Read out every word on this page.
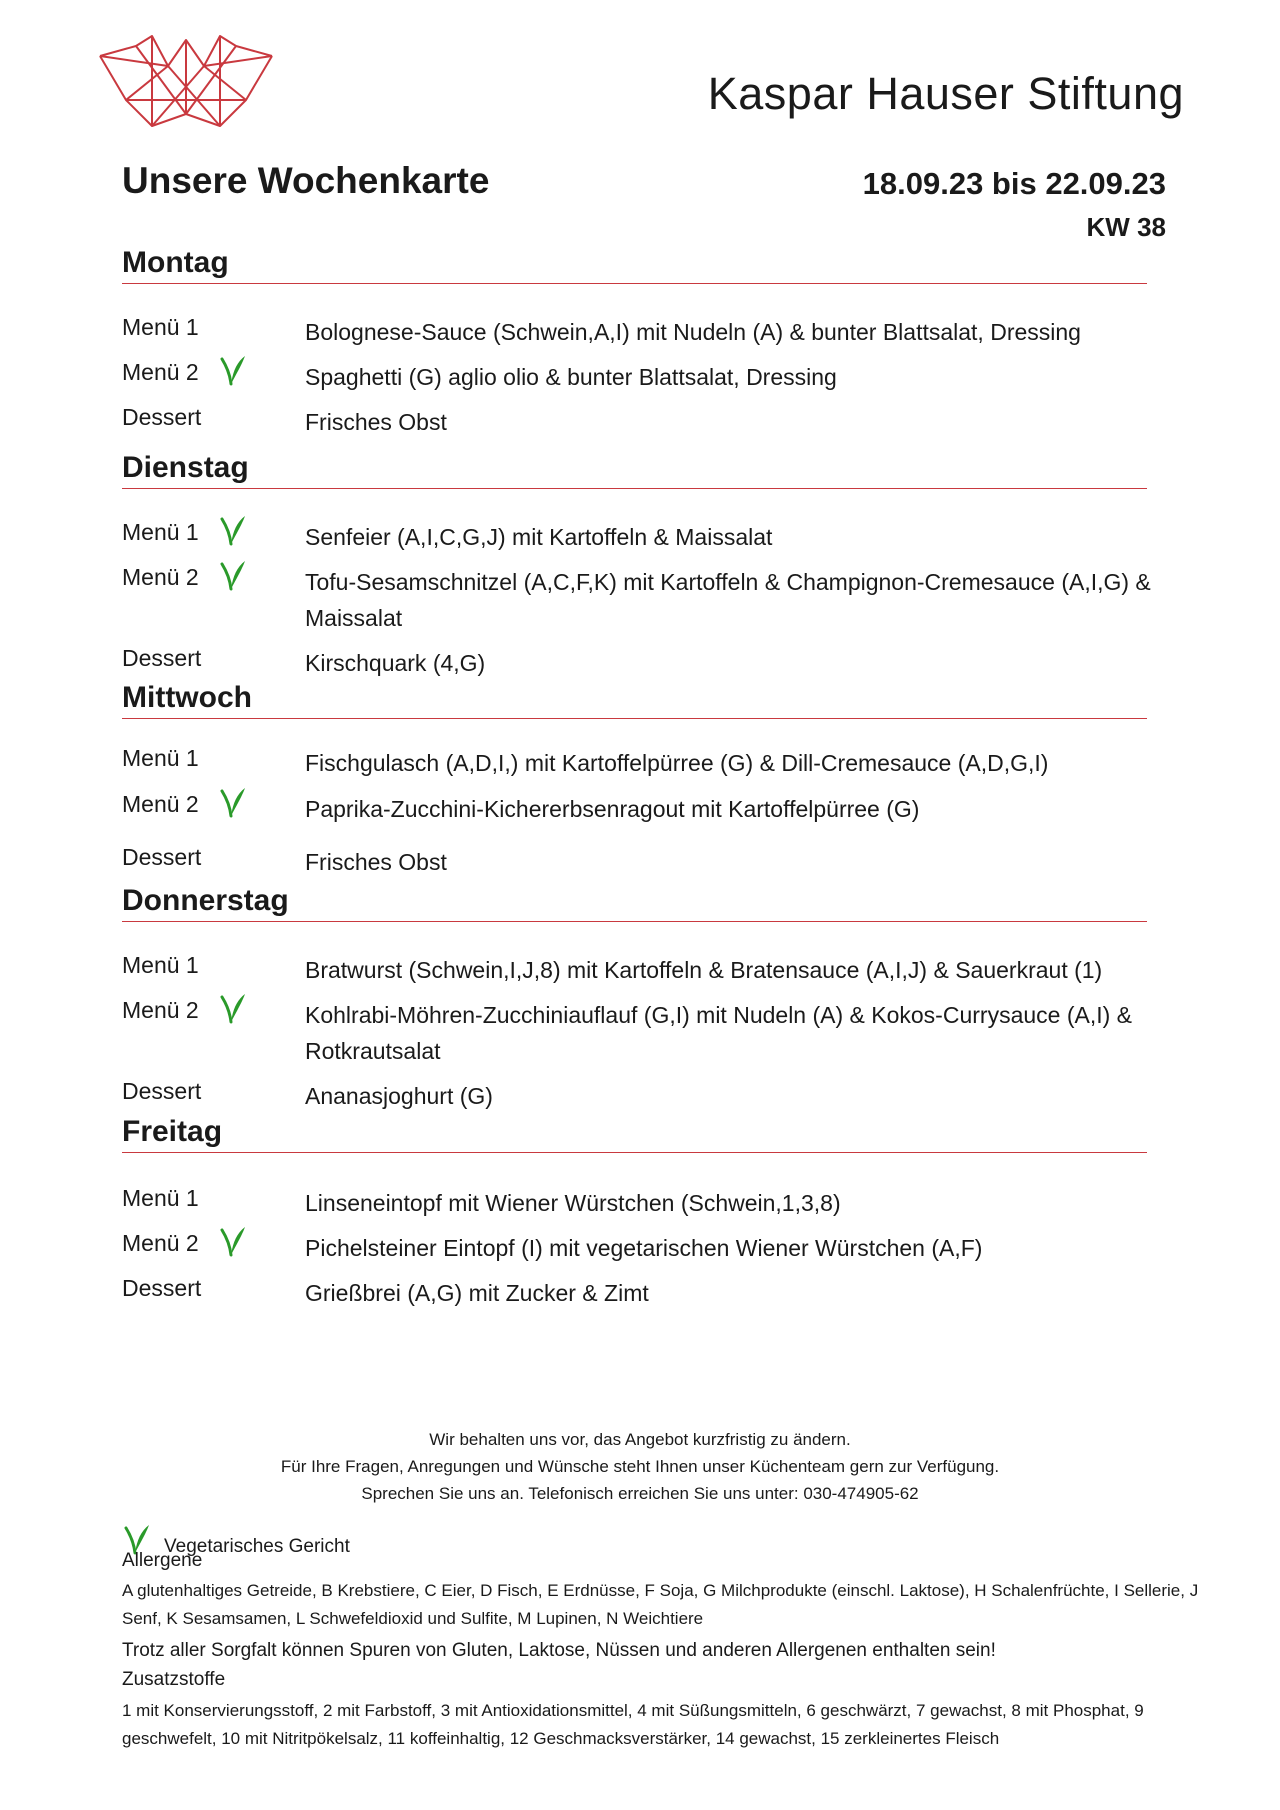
Kaspar Hauser Stiftung
Unsere Wochenkarte	18.09.23 bis 22.09.23
KW 38
Montag
Menü 1	Bolognese-Sauce (Schwein,A,I) mit Nudeln (A) & bunter Blattsalat, Dressing
Menü 2	Spaghetti (G) aglio olio & bunter Blattsalat, Dressing
Dessert	Frisches Obst
Dienstag
Menü 1	Senfeier (A,I,C,G,J) mit Kartoffeln & Maissalat
Menü 2	Tofu-Sesamschnitzel (A,C,F,K) mit Kartoffeln & Champignon-Cremesauce (A,I,G) & Maissalat
Dessert	Kirschquark (4,G)
Mittwoch
Menü 1	Fischgulasch (A,D,I,) mit Kartoffelpürree (G) & Dill-Cremesauce (A,D,G,I)
Menü 2	Paprika-Zucchini-Kichererbsenragout mit Kartoffelpürree (G)
Dessert	Frisches Obst
Donnerstag
Menü 1	Bratwurst (Schwein,I,J,8) mit Kartoffeln & Bratensauce (A,I,J) & Sauerkraut (1)
Menü 2	Kohlrabi-Möhren-Zucchiniauflauf (G,I) mit Nudeln (A) & Kokos-Currysauce (A,I) & Rotkrautsalat
Dessert	Ananasjoghurt (G)
Freitag
Menü 1	Linseneintopf mit Wiener Würstchen (Schwein,1,3,8)
Menü 2	Pichelsteiner Eintopf (I) mit vegetarischen Wiener Würstchen (A,F)
Dessert	Grießbrei (A,G) mit Zucker & Zimt
Wir behalten uns vor, das Angebot kurzfristig zu ändern.
Für Ihre Fragen, Anregungen und Wünsche steht Ihnen unser Küchenteam gern zur Verfügung.
Sprechen Sie uns an. Telefonisch erreichen Sie uns unter: 030-474905-62
Vegetarisches Gericht
Allergene
A glutenhaltiges Getreide, B Krebstiere, C Eier, D Fisch, E Erdnüsse, F Soja, G Milchprodukte (einschl. Laktose), H Schalenfrüchte, I Sellerie, J Senf, K Sesamsamen, L Schwefeldioxid und Sulfite, M Lupinen, N Weichtiere
Trotz aller Sorgfalt können Spuren von Gluten, Laktose, Nüssen und anderen Allergenen enthalten sein!
Zusatzstoffe
1 mit Konservierungsstoff, 2 mit Farbstoff, 3 mit Antioxidationsmittel, 4 mit Süßungsmitteln, 6 geschwärzt, 7 gewachst, 8 mit Phosphat, 9 geschwefelt, 10 mit Nitritpökelsalz, 11 koffeinhaltig, 12 Geschmacksverstärker, 14 gewachst, 15 zerkleinertes Fleisch
